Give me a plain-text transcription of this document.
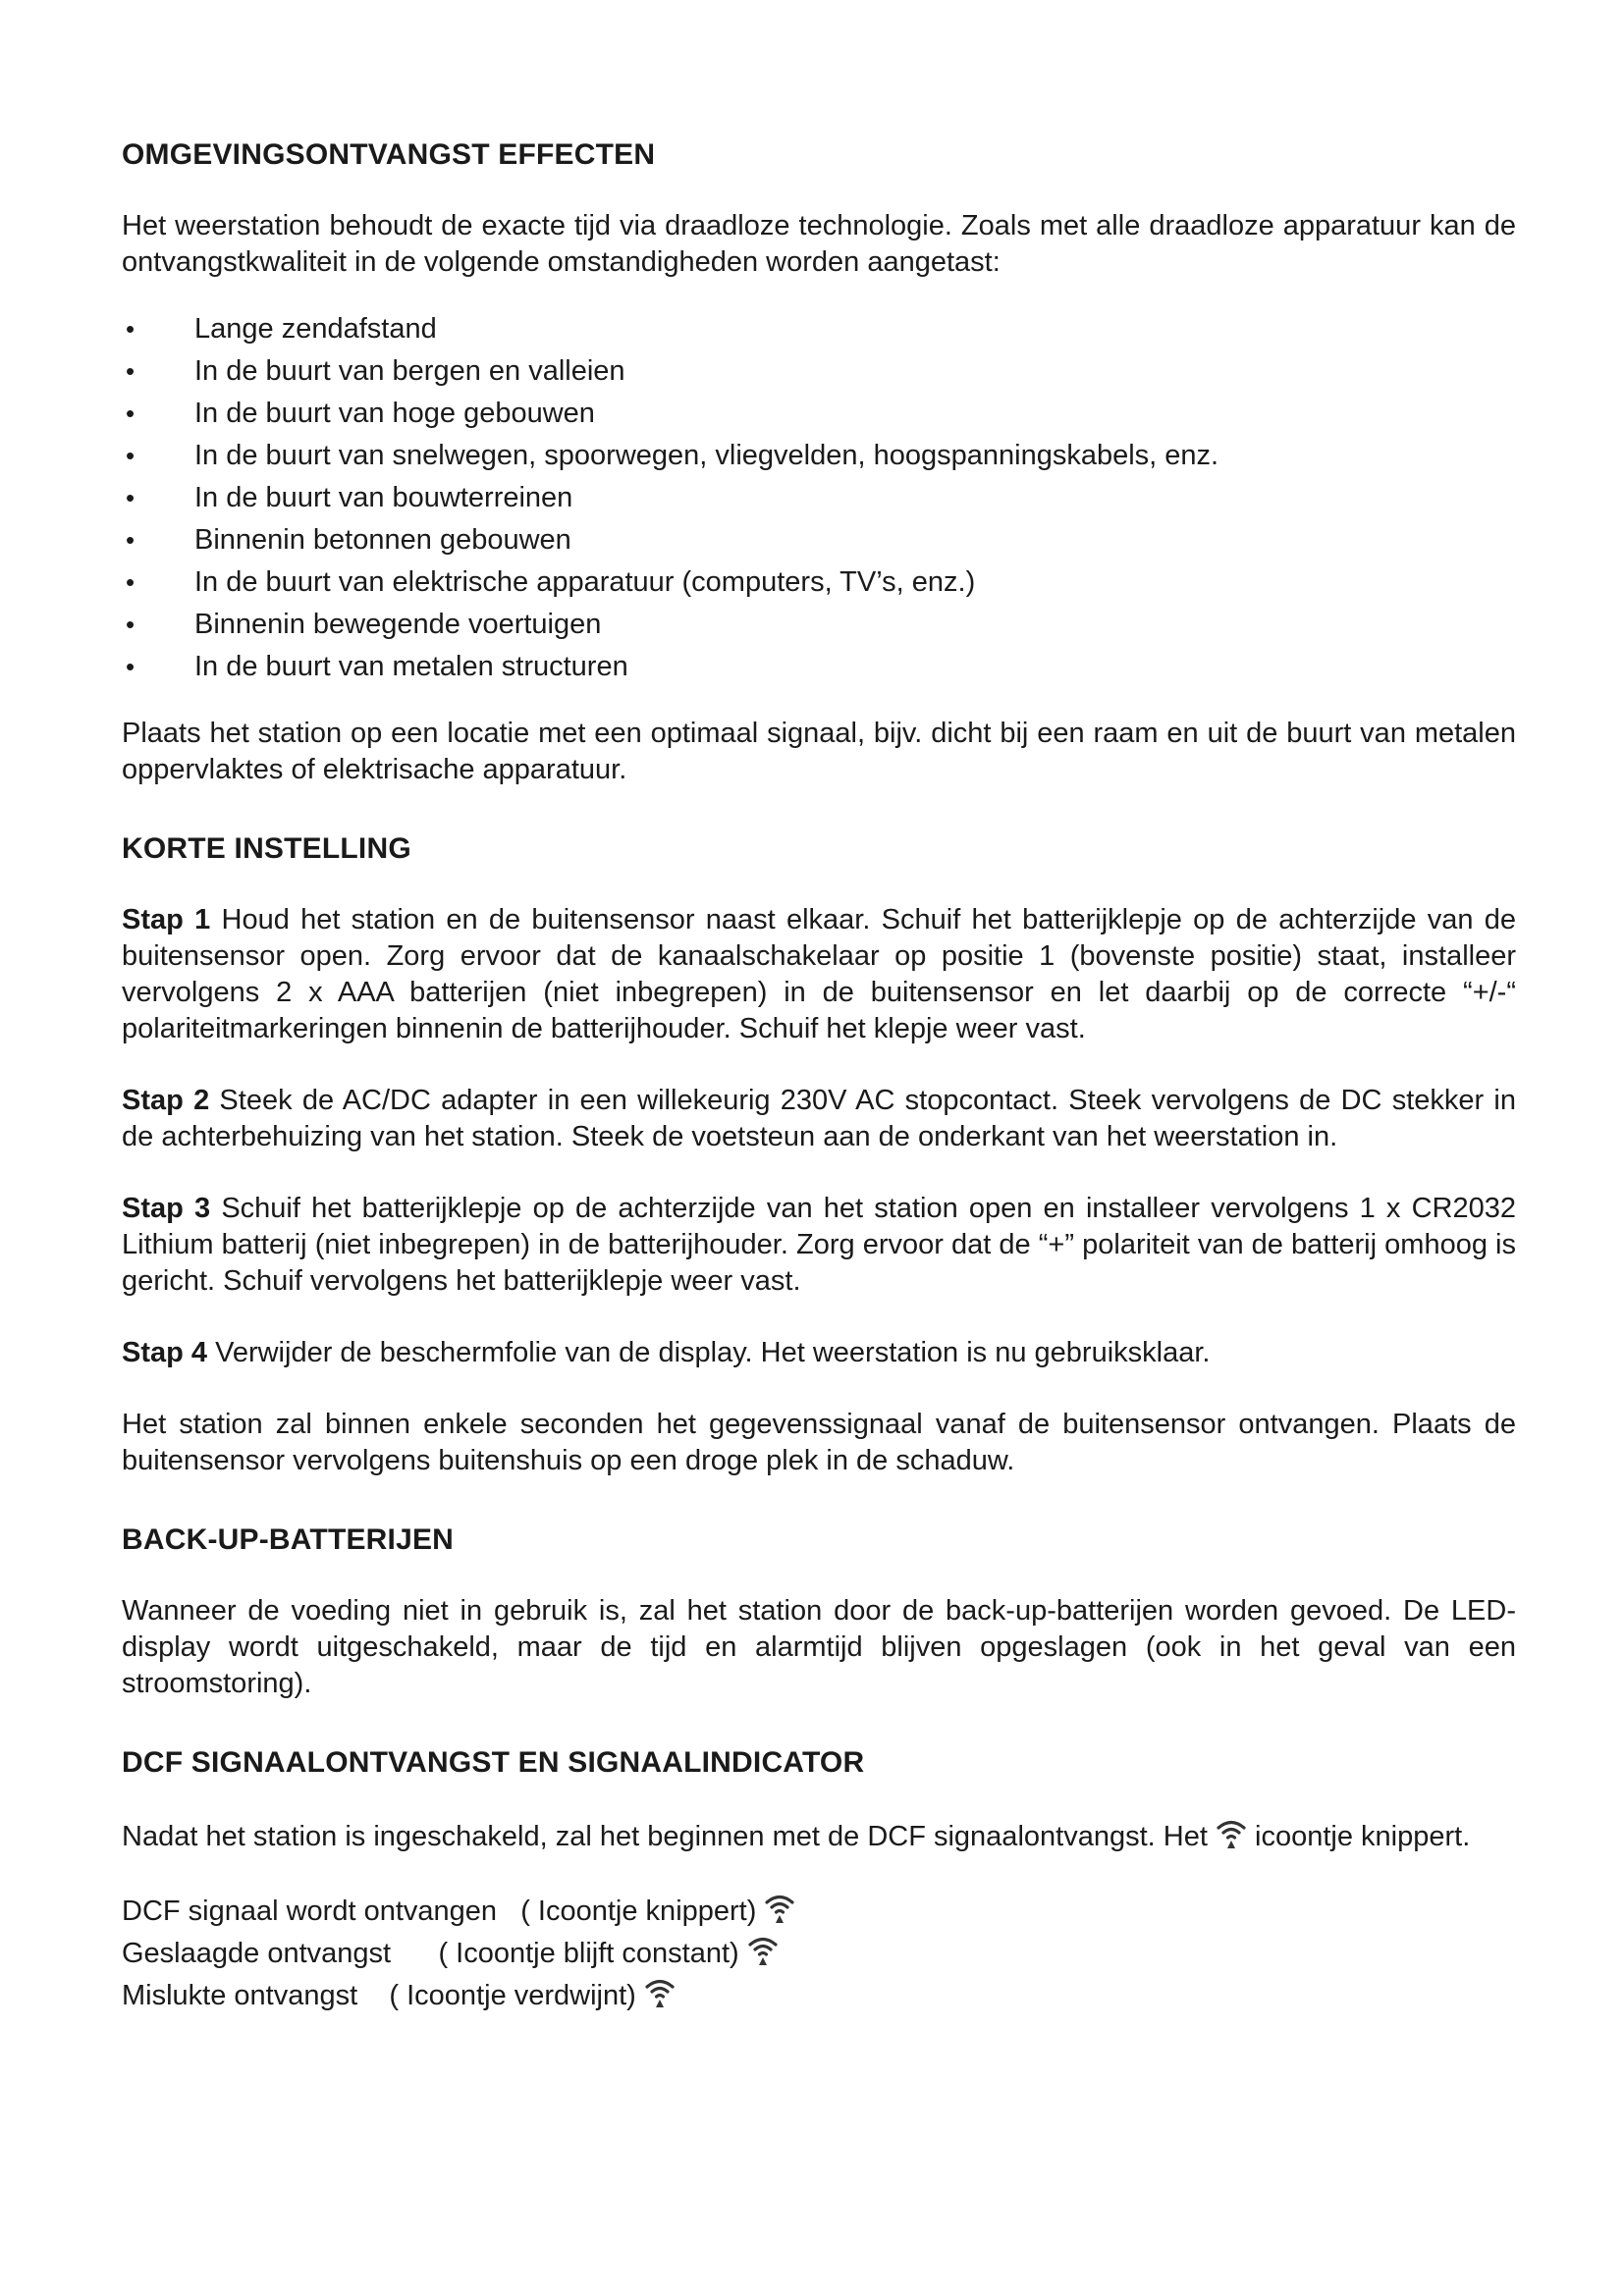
OMGEVINGSONTVANGST EFFECTEN

Het weerstation behoudt de exacte tijd via draadloze technologie. Zoals met alle draadloze apparatuur kan de ontvangstkwaliteit in de volgende omstandigheden worden aangetast:

• Lange zendafstand
• In de buurt van bergen en valleien
• In de buurt van hoge gebouwen
• In de buurt van snelwegen, spoorwegen, vliegvelden, hoogspanningskabels, enz.
• In de buurt van bouwterreinen
• Binnenin betonnen gebouwen
• In de buurt van elektrische apparatuur (computers, TV’s, enz.)
• Binnenin bewegende voertuigen
• In de buurt van metalen structuren

Plaats het station op een locatie met een optimaal signaal, bijv. dicht bij een raam en uit de buurt van metalen oppervlaktes of elektrisache apparatuur.

KORTE INSTELLING

Stap 1 Houd het station en de buitensensor naast elkaar. Schuif het batterijklepje op de achterzijde van de buitensensor open. Zorg ervoor dat de kanaalschakelaar op positie 1 (bovenste positie) staat, installeer vervolgens 2 x AAA batterijen (niet inbegrepen) in de buitensensor en let daarbij op de correcte “+/-“ polariteitmarkeringen binnenin de batterijhouder. Schuif het klepje weer vast.

Stap 2 Steek de AC/DC adapter in een willekeurig 230V AC stopcontact. Steek vervolgens de DC stekker in de achterbehuizing van het station. Steek de voetsteun aan de onderkant van het weerstation in.

Stap 3 Schuif het batterijklepje op de achterzijde van het station open en installeer vervolgens 1 x CR2032 Lithium batterij (niet inbegrepen) in de batterijhouder. Zorg ervoor dat de “+” polariteit van de batterij omhoog is gericht. Schuif vervolgens het batterijklepje weer vast.

Stap 4 Verwijder de beschermfolie van de display. Het weerstation is nu gebruiksklaar.

Het station zal binnen enkele seconden het gegevenssignaal vanaf de buitensensor ontvangen. Plaats de buitensensor vervolgens buitenshuis op een droge plek in de schaduw.

BACK-UP-BATTERIJEN

Wanneer de voeding niet in gebruik is, zal het station door de back-up-batterijen worden gevoed. De LED-display wordt uitgeschakeld, maar de tijd en alarmtijd blijven opgeslagen (ook in het geval van een stroomstoring).

DCF SIGNAALONTVANGST EN SIGNAALINDICATOR

Nadat het station is ingeschakeld, zal het beginnen met de DCF signaalontvangst. Het icoontje knippert.

DCF signaal wordt ontvangen ( Icoontje knippert)
Geslaagde ontvangst ( Icoontje blijft constant)
Mislukte ontvangst ( Icoontje verdwijnt)
